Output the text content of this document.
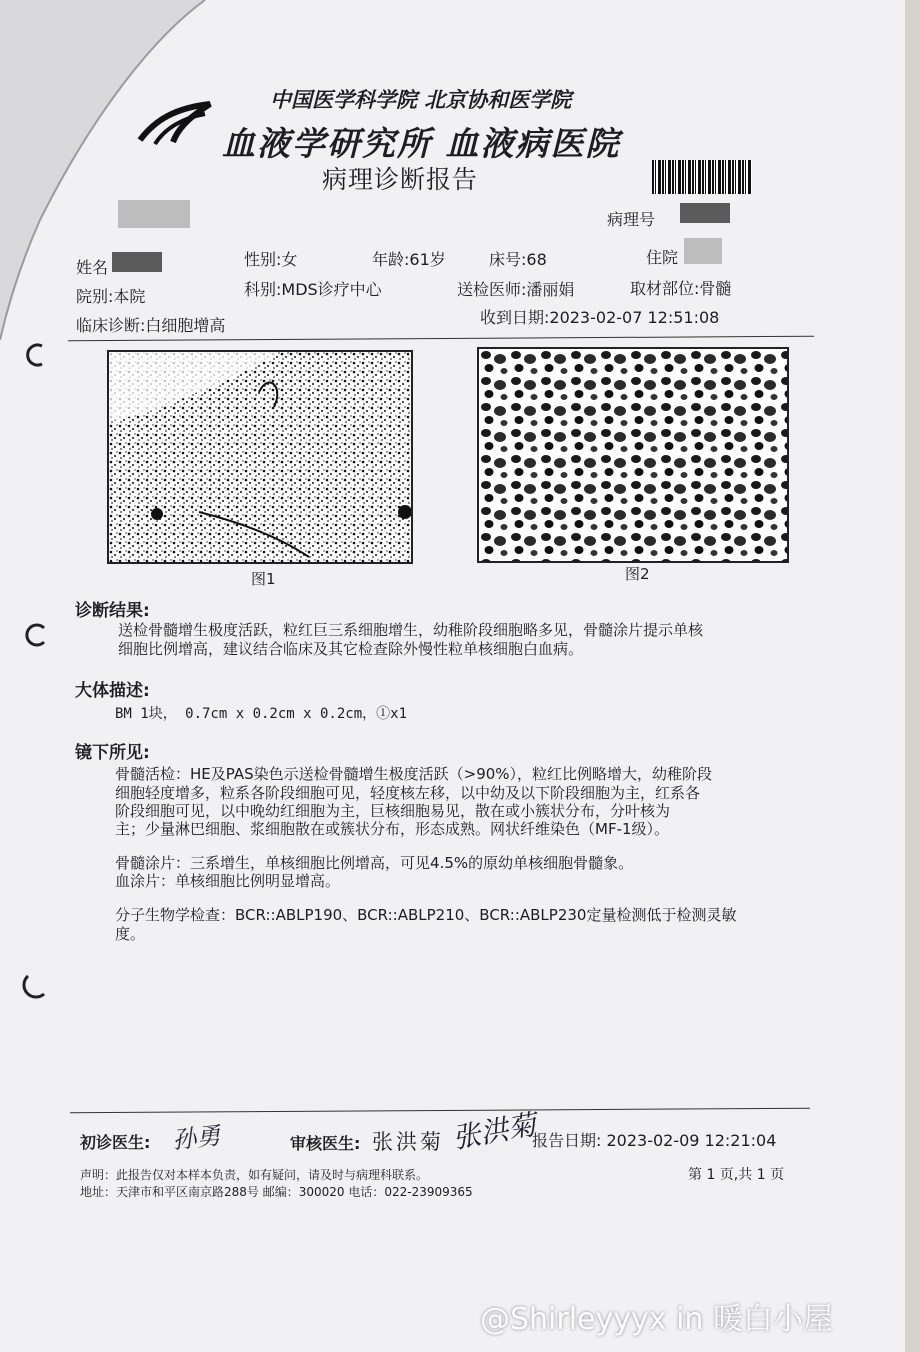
中国医学科学院 北京协和医学院
血液学研究所 血液病医院
病理诊断报告
病理号
姓名	性别:女	年龄:61岁	床号:68	住院
院别:本院	科别:MDS诊疗中心	送检医师:潘丽娟	取材部位:骨髓
临床诊断:白细胞增高	收到日期:2023-02-07 12:51:08
图1	图2
诊断结果:
送检骨髓增生极度活跃，粒红巨三系细胞增生，幼稚阶段细胞略多见，骨髓涂片提示单核
细胞比例增高，建议结合临床及其它检查除外慢性粒单核细胞白血病。
大体描述:
BM 1块， 0.7cm x 0.2cm x 0.2cm，①x1
镜下所见:
骨髓活检：HE及PAS染色示送检骨髓增生极度活跃（>90%），粒红比例略增大，幼稚阶段
细胞轻度增多，粒系各阶段细胞可见，轻度核左移，以中幼及以下阶段细胞为主，红系各
阶段细胞可见，以中晚幼红细胞为主，巨核细胞易见，散在或小簇状分布，分叶核为
主；少量淋巴细胞、浆细胞散在或簇状分布，形态成熟。网状纤维染色（MF-1级）。
骨髓涂片：三系增生，单核细胞比例增高，可见4.5%的原幼单核细胞骨髓象。
血涂片：单核细胞比例明显增高。
分子生物学检查：BCR::ABLP190、BCR::ABLP210、BCR::ABLP230定量检测低于检测灵敏
度。
初诊医生: 孙勇	审核医生: 张洪菊 张洪菊
报告日期: 2023-02-09 12:21:04
声明：此报告仅对本样本负责，如有疑问，请及时与病理科联系。
地址：天津市和平区南京路288号 邮编：300020 电话：022-23909365
第 1 页,共 1 页
@Shirleyyyx in 暖白小屋
